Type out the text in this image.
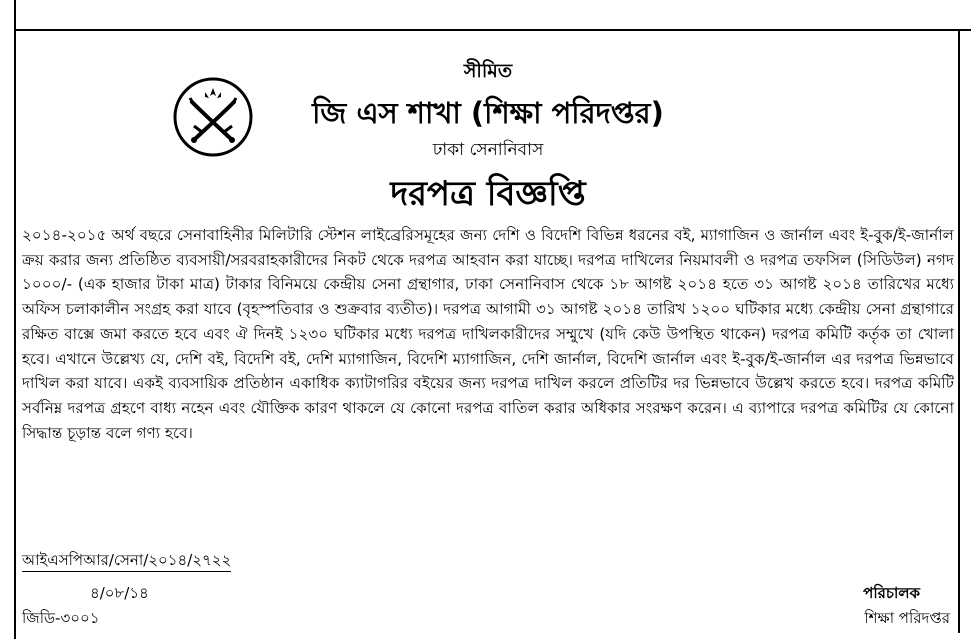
সীমিত
জি এস শাখা (শিক্ষা পরিদপ্তর)
ঢাকা সেনানিবাস
দরপত্র বিজ্ঞপ্তি
২০১৪-২০১৫ অর্থ বছরে সেনাবাহিনীর মিলিটারি স্টেশন লাইব্রেরিসমূহের জন্য দেশি ও বিদেশি বিভিন্ন ধরনের বই, ম্যাগাজিন ও জার্নাল এবং ই-বুক/ই-জার্নাল ক্রয় করার জন্য প্রতিষ্ঠিত ব্যবসায়ী/সরবরাহকারীদের নিকট থেকে দরপত্র আহবান করা যাচ্ছে। দরপত্র দাখিলের নিয়মাবলী ও দরপত্র তফসিল (সিডিউল) নগদ ১০০০/- (এক হাজার টাকা মাত্র) টাকার বিনিময়ে কেন্দ্রীয় সেনা গ্রন্থাগার, ঢাকা সেনানিবাস থেকে ১৮ আগষ্ট ২০১৪ হতে ৩১ আগষ্ট ২০১৪ তারিখের মধ্যে অফিস চলাকালীন সংগ্রহ করা যাবে (বৃহস্পতিবার ও শুক্রবার ব্যতীত)। দরপত্র আগামী ৩১ আগষ্ট ২০১৪ তারিখ ১২০০ ঘটিকার মধ্যে কেন্দ্রীয় সেনা গ্রন্থাগারে রক্ষিত বাক্সে জমা করতে হবে এবং ঐ দিনই ১২৩০ ঘটিকার মধ্যে দরপত্র দাখিলকারীদের সম্মুখে (যদি কেউ উপস্থিত থাকেন) দরপত্র কমিটি কর্তৃক তা খোলা হবে। এখানে উল্লেখ্য যে, দেশি বই, বিদেশি বই, দেশি ম্যাগাজিন, বিদেশি ম্যাগাজিন, দেশি জার্নাল, বিদেশি জার্নাল এবং ই-বুক/ই-জার্নাল এর দরপত্র ভিন্নভাবে দাখিল করা যাবে। একই ব্যবসায়িক প্রতিষ্ঠান একাধিক ক্যাটাগরির বইয়ের জন্য দরপত্র দাখিল করলে প্রতিটির দর ভিন্নভাবে উল্লেখ করতে হবে। দরপত্র কমিটি সর্বনিম্ন দরপত্র গ্রহণে বাধ্য নহেন এবং যৌক্তিক কারণ থাকলে যে কোনো দরপত্র বাতিল করার অধিকার সংরক্ষণ করেন। এ ব্যাপারে দরপত্র কমিটির যে কোনো সিদ্ধান্ত চূড়ান্ত বলে গণ্য হবে।
আইএসপিআর/সেনা/২০১৪/২৭২২
৪/০৮/১৪
জিডি-৩০০১
পরিচালক
শিক্ষা পরিদপ্তর
